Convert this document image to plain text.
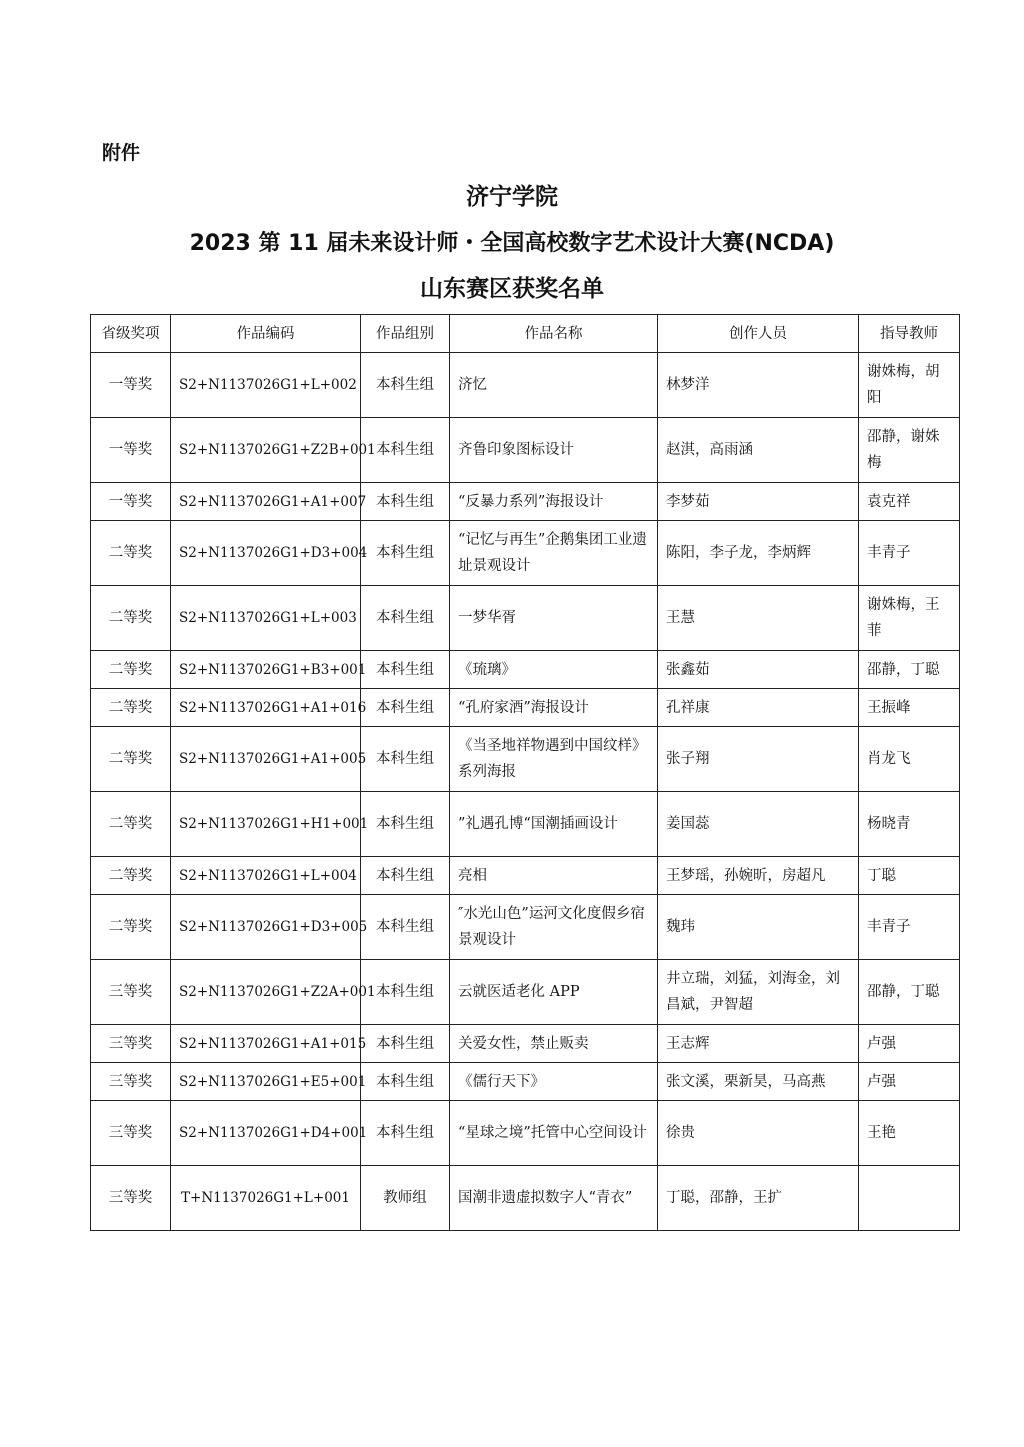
附件
济宁学院
2023 第 11 届未来设计师・全国高校数字艺术设计大赛(NCDA)
山东赛区获奖名单
省级奖项	作品编码	作品组别	作品名称	创作人员	指导教师
一等奖	S2+N1137026G1+L+002	本科生组	济忆	林梦洋	谢姝梅，胡阳
一等奖	S2+N1137026G1+Z2B+001	本科生组	齐鲁印象图标设计	赵淇，高雨涵	邵静，谢姝梅
一等奖	S2+N1137026G1+A1+007	本科生组	“反暴力系列”海报设计	李梦茹	袁克祥
二等奖	S2+N1137026G1+D3+004	本科生组	“记忆与再生”企鹅集团工业遗址景观设计	陈阳，李子龙，李炳辉	丰青子
二等奖	S2+N1137026G1+L+003	本科生组	一梦华胥	王慧	谢姝梅，王菲
二等奖	S2+N1137026G1+B3+001	本科生组	《琉璃》	张鑫茹	邵静，丁聪
二等奖	S2+N1137026G1+A1+016	本科生组	“孔府家酒”海报设计	孔祥康	王振峰
二等奖	S2+N1137026G1+A1+005	本科生组	《当圣地祥物遇到中国纹样》系列海报	张子翔	肖龙飞
二等奖	S2+N1137026G1+H1+001	本科生组	”礼遇孔博“国潮插画设计	姜国蕊	杨晓青
二等奖	S2+N1137026G1+L+004	本科生组	亮相	王梦瑶，孙婉昕，房超凡	丁聪
二等奖	S2+N1137026G1+D3+005	本科生组	″水光山色”运河文化度假乡宿景观设计	魏玮	丰青子
三等奖	S2+N1137026G1+Z2A+001	本科生组	云就医适老化 APP	井立瑞，刘猛，刘海金，刘昌斌，尹智超	邵静，丁聪
三等奖	S2+N1137026G1+A1+015	本科生组	关爱女性，禁止贩卖	王志辉	卢强
三等奖	S2+N1137026G1+E5+001	本科生组	《儒行天下》	张文溪，栗新昊，马高燕	卢强
三等奖	S2+N1137026G1+D4+001	本科生组	“星球之境”托管中心空间设计	徐贵	王艳
三等奖	T+N1137026G1+L+001	教师组	国潮非遗虚拟数字人“青衣”	丁聪，邵静，王扩	
